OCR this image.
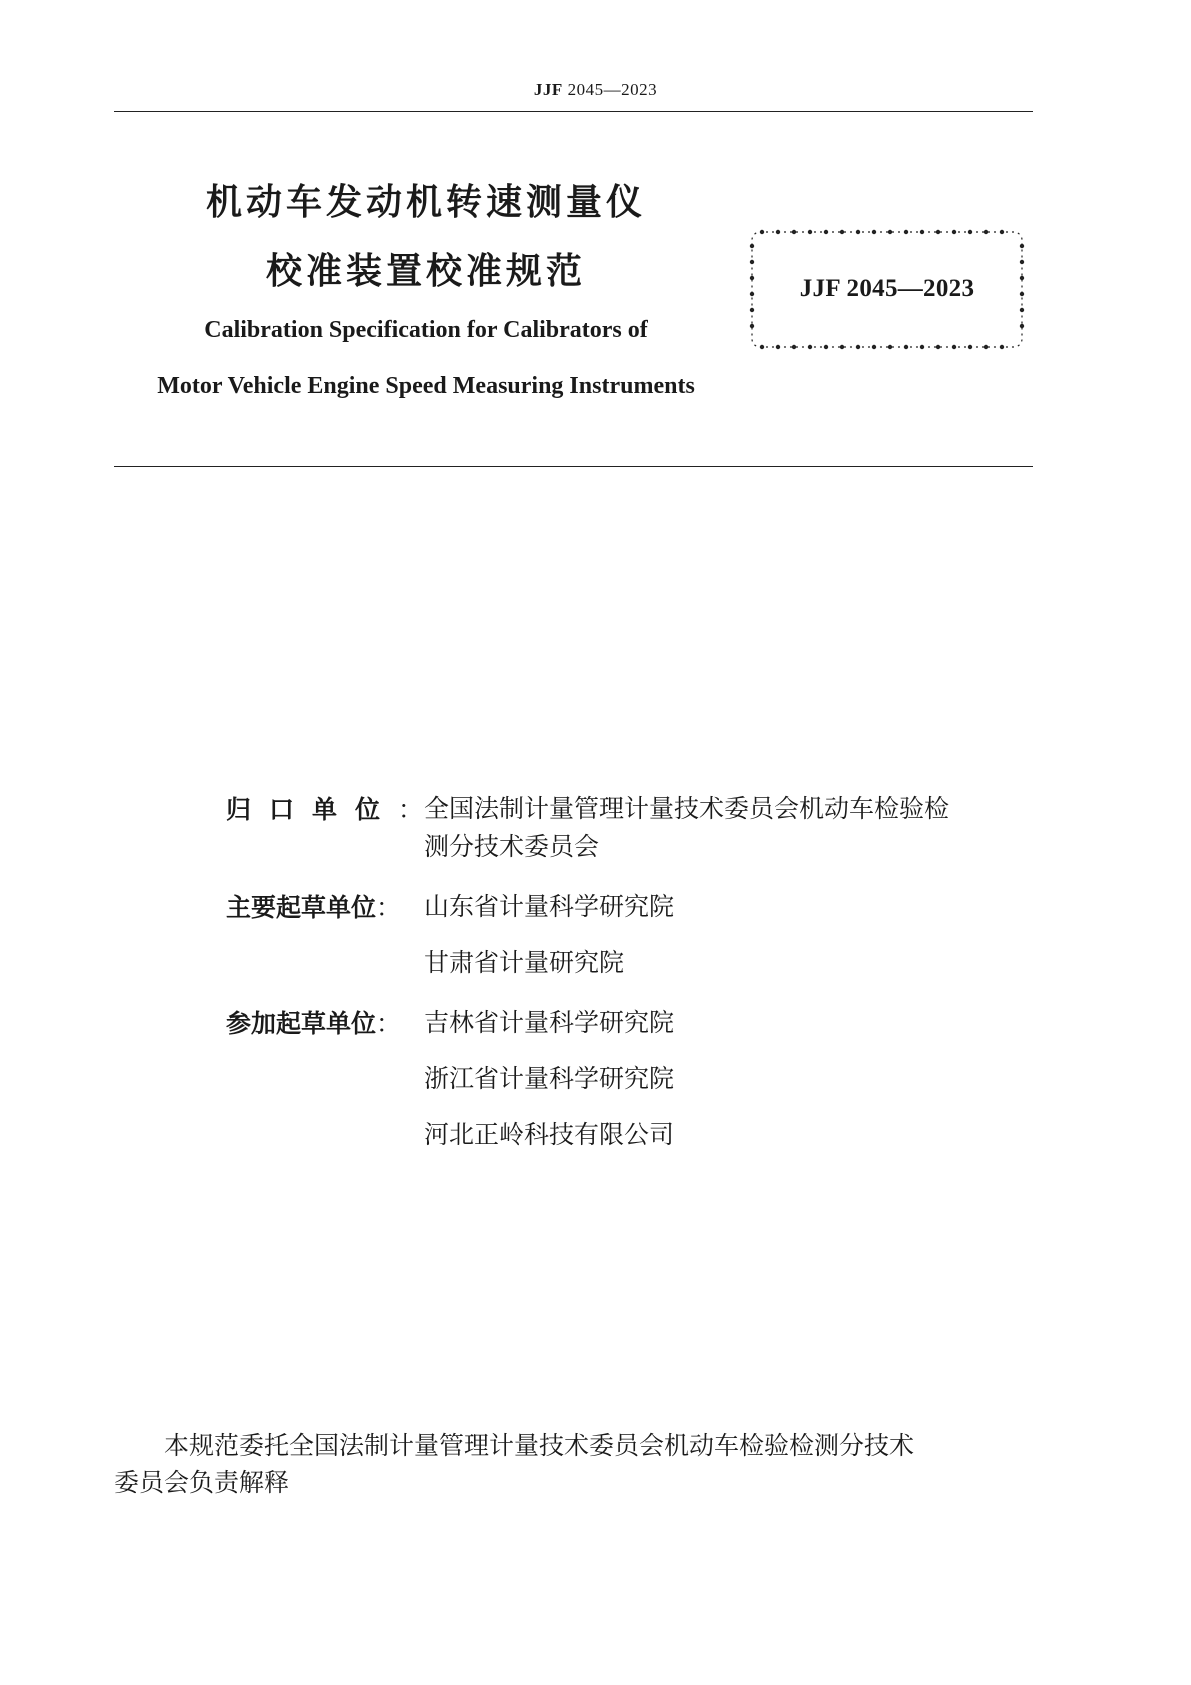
JJF 2045—2023
机动车发动机转速测量仪
校准装置校准规范
Calibration Specification for Calibrators of
Motor Vehicle Engine Speed Measuring Instruments
JJF 2045—2023
归口单位： 全国法制计量管理计量技术委员会机动车检验检
测分技术委员会
主要起草单位： 山东省计量科学研究院
甘肃省计量研究院
参加起草单位： 吉林省计量科学研究院
浙江省计量科学研究院
河北正岭科技有限公司
本规范委托全国法制计量管理计量技术委员会机动车检验检测分技术
委员会负责解释
